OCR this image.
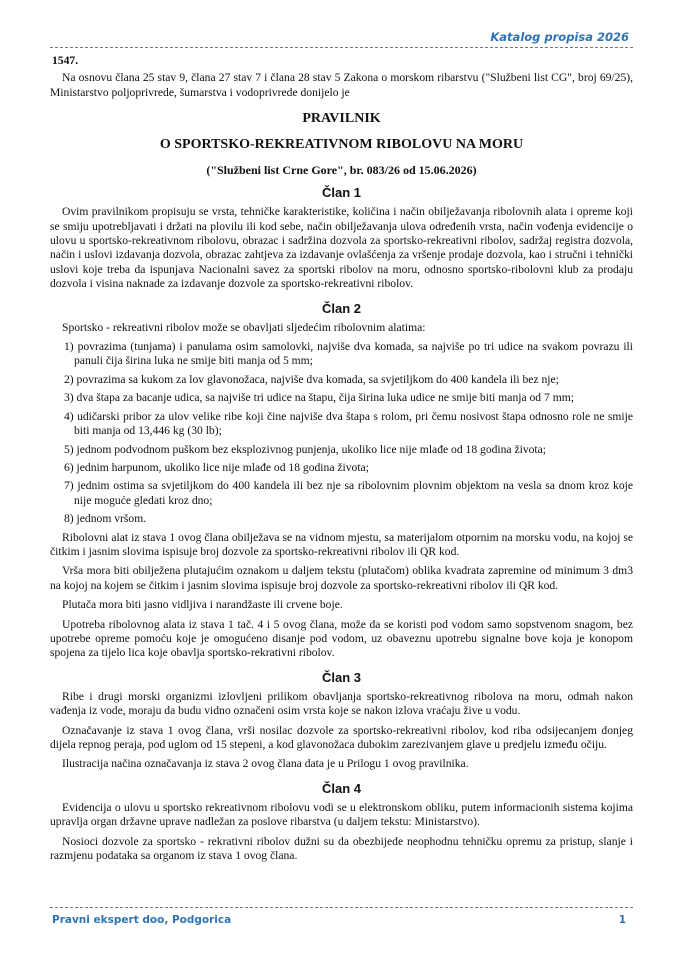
Katalog propisa 2026
1547.

Na osnovu člana 25 stav 9, člana 27 stav 7 i člana 28 stav 5 Zakona o morskom ribarstvu ("Službeni list CG", broj 69/25), Ministarstvo poljoprivrede, šumarstva i vodoprivrede donijelo je

PRAVILNIK
O SPORTSKO-REKREATIVNOM RIBOLOVU NA MORU
("Službeni list Crne Gore", br. 083/26 od 15.06.2026)
Član 1

Ovim pravilnikom propisuju se vrsta, tehničke karakteristike, količina i način obilježavanja ribolovnih alata i opreme koji se smiju upotrebljavati i držati na plovilu ili kod sebe, način obilježavanja ulova određenih vrsta, način vođenja evidencije o ulovu u sportsko-rekreativnom ribolovu, obrazac i sadržina dozvola za sportsko-rekreativni ribolov, sadržaj registra dozvola, način i uslovi izdavanja dozvola, obrazac zahtjeva za izdavanje ovlašćenja za vršenje prodaje dozvola, kao i stručni i tehnički uslovi koje treba da ispunjava Nacionalni savez za sportski ribolov na moru, odnosno sportsko-ribolovni klub za prodaju dozvola i visina naknade za izdavanje dozvole za sportsko-rekreativni ribolov.

Član 2

Sportsko - rekreativni ribolov može se obavljati sljedećim ribolovnim alatima:

1) povrazima (tunjama) i panulama osim samolovki, najviše dva komada, sa najviše po tri udice na svakom povrazu ili panuli čija širina luka ne smije biti manja od 5 mm;
2) povrazima sa kukom za lov glavonožaca, najviše dva komada, sa svjetiljkom do 400 kandela ili bez nje;
3) dva štapa za bacanje udica, sa najviše tri udice na štapu, čija širina luka udice ne smije biti manja od 7 mm;
4) udičarski pribor za ulov velike ribe koji čine najviše dva štapa s rolom, pri čemu nosivost štapa odnosno role ne smije biti manja od 13,446 kg (30 lb);
5) jednom podvodnom puškom bez eksplozivnog punjenja, ukoliko lice nije mlađe od 18 godina života;
6) jednim harpunom, ukoliko lice nije mlađe od 18 godina života;
7) jednim ostima sa svjetiljkom do 400 kandela ili bez nje sa ribolovnim plovnim objektom na vesla sa dnom kroz koje nije moguće gledati kroz dno;
8) jednom vršom.

Ribolovni alat iz stava 1 ovog člana obilježava se na vidnom mjestu, sa materijalom otpornim na morsku vodu, na kojoj se čitkim i jasnim slovima ispisuje broj dozvole za sportsko-rekreativni ribolov ili QR kod.

Vrša mora biti obilježena plutajućim oznakom u daljem tekstu (plutačom) oblika kvadrata zapremine od minimum 3 dm3 na kojoj na kojem se čitkim i jasnim slovima ispisuje broj dozvole za sportsko-rekreativni ribolov ili QR kod.

Plutača mora biti jasno vidljiva i narandžaste ili crvene boje.

Upotreba ribolovnog alata iz stava 1 tač. 4 i 5 ovog člana, može da se koristi pod vodom samo sopstvenom snagom, bez upotrebe opreme pomoću koje je omogućeno disanje pod vodom, uz obaveznu upotrebu signalne bove koja je konopom spojena za tijelo lica koje obavlja sportsko-rekrativni ribolov.

Član 3

Ribe i drugi morski organizmi izlovljeni prilikom obavljanja sportsko-rekreativnog ribolova na moru, odmah nakon vađenja iz vode, moraju da budu vidno označeni osim vrsta koje se nakon izlova vraćaju žive u vodu.

Označavanje iz stava 1 ovog člana, vrši nosilac dozvole za sportsko-rekreativni ribolov, kod riba odsijecanjem donjeg dijela repnog peraja, pod uglom od 15 stepeni, a kod glavonožaca dubokim zarezivanjem glave u predjelu između očiju.

Ilustracija načina označavanja iz stava 2 ovog člana data je u Prilogu 1 ovog pravilnika.

Član 4

Evidencija o ulovu u sportsko rekreativnom ribolovu vodi se u elektronskom obliku, putem informacionih sistema kojima upravlja organ državne uprave nadležan za poslove ribarstva (u daljem tekstu: Ministarstvo).

Nosioci dozvole za sportsko - rekrativni ribolov dužni su da obezbijede neophodnu tehničku opremu za pristup, slanje i razmjenu podataka sa organom iz stava 1 ovog člana.

Pravni ekspert doo, Podgorica	1
